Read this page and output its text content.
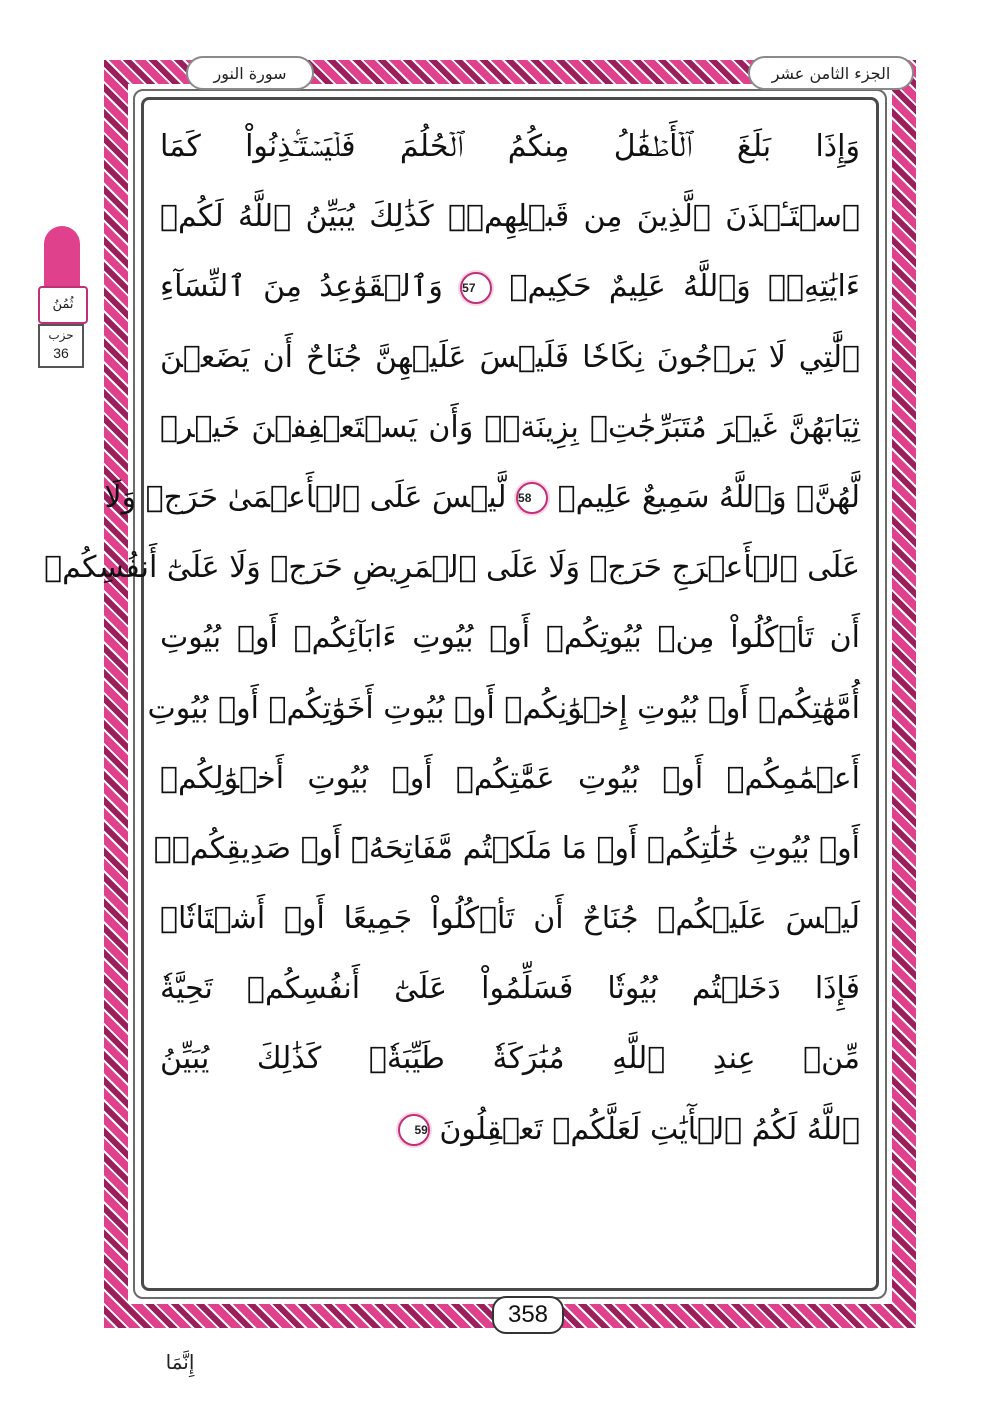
الجزء الثامن عشر
سورة النور
ثُمُنُ
حزب
36
وَإِذَا بَلَغَ ٱلۡأَطۡفَٰلُ مِنكُمُ ٱلۡحُلُمَ فَلۡيَسۡتَـٔۡذِنُواْ كَمَا
ٱسۡتَـٔۡذَنَ ٱلَّذِينَ مِن قَبۡلِهِمۡۚ كَذَٰلِكَ يُبَيِّنُ ٱللَّهُ لَكُمۡ
ءَايَٰتِهِۦۗ وَٱللَّهُ عَلِيمٌ حَكِيمٞ 57 وَٱلۡقَوَٰعِدُ مِنَ ٱلنِّسَآءِ
ٱلَّٰتِي لَا يَرۡجُونَ نِكَاحٗا فَلَيۡسَ عَلَيۡهِنَّ جُنَاحٌ أَن يَضَعۡنَ
ثِيَابَهُنَّ غَيۡرَ مُتَبَرِّجَٰتِۭ بِزِينَةٖۖ وَأَن يَسۡتَعۡفِفۡنَ خَيۡرٞ
لَّهُنَّۗ وَٱللَّهُ سَمِيعٌ عَلِيمٞ 58 لَّيۡسَ عَلَى ٱلۡأَعۡمَىٰ حَرَجٞ وَلَا
عَلَى ٱلۡأَعۡرَجِ حَرَجٞ وَلَا عَلَى ٱلۡمَرِيضِ حَرَجٞ وَلَا عَلَىٰٓ أَنفُسِكُمۡ
أَن تَأۡكُلُواْ مِنۢ بُيُوتِكُمۡ أَوۡ بُيُوتِ ءَابَآئِكُمۡ أَوۡ بُيُوتِ
أُمَّهَٰتِكُمۡ أَوۡ بُيُوتِ إِخۡوَٰنِكُمۡ أَوۡ بُيُوتِ أَخَوَٰتِكُمۡ أَوۡ بُيُوتِ
أَعۡمَٰمِكُمۡ أَوۡ بُيُوتِ عَمَّٰتِكُمۡ أَوۡ بُيُوتِ أَخۡوَٰلِكُمۡ
أَوۡ بُيُوتِ خَٰلَٰتِكُمۡ أَوۡ مَا مَلَكۡتُم مَّفَاتِحَهُۥٓ أَوۡ صَدِيقِكُمۡۚ
لَيۡسَ عَلَيۡكُمۡ جُنَاحٌ أَن تَأۡكُلُواْ جَمِيعًا أَوۡ أَشۡتَاتٗاۚ
فَإِذَا دَخَلۡتُم بُيُوتٗا فَسَلِّمُواْ عَلَىٰٓ أَنفُسِكُمۡ تَحِيَّةٗ
مِّنۡ عِندِ ٱللَّهِ مُبَٰرَكَةٗ طَيِّبَةٗۚ كَذَٰلِكَ يُبَيِّنُ
ٱللَّهُ لَكُمُ ٱلۡأٓيَٰتِ لَعَلَّكُمۡ تَعۡقِلُونَ 59
358
إِنَّمَا
